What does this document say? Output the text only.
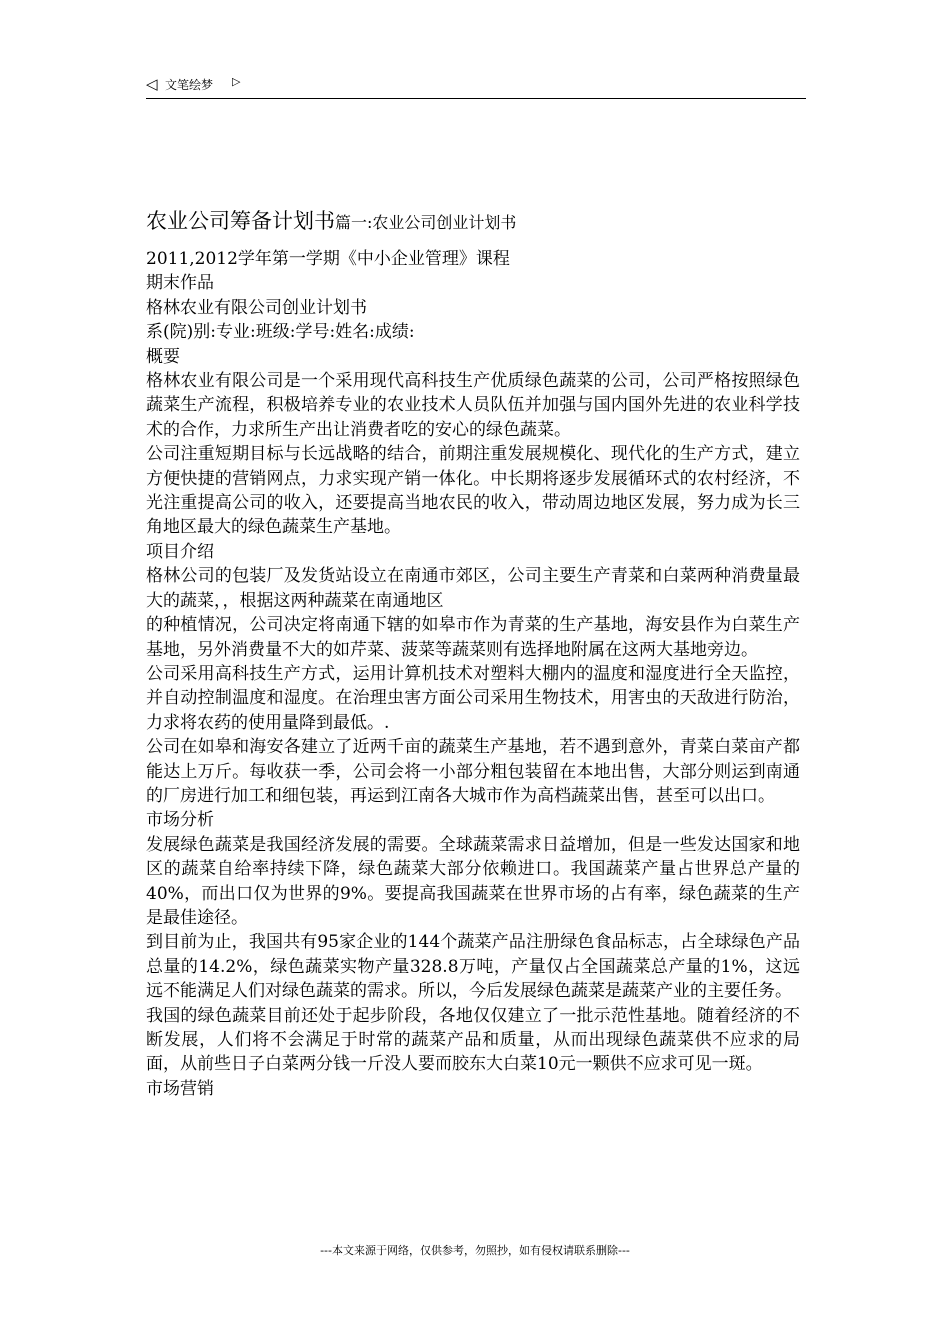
◁ 文笔绘梦 ▷
农业公司筹备计划书篇一:农业公司创业计划书

2011,2012学年第一学期《中小企业管理》课程

期末作品

格林农业有限公司创业计划书

系(院)别:专业:班级:学号:姓名:成绩:

概要

格林农业有限公司是一个采用现代高科技生产优质绿色蔬菜的公司，公司严格按照绿色蔬菜生产流程，积极培养专业的农业技术人员队伍并加强与国内国外先进的农业科学技术的合作，力求所生产出让消费者吃的安心的绿色蔬菜。

公司注重短期目标与长远战略的结合，前期注重发展规模化、现代化的生产方式，建立方便快捷的营销网点，力求实现产销一体化。中长期将逐步发展循环式的农村经济，不光注重提高公司的收入，还要提高当地农民的收入，带动周边地区发展，努力成为长三角地区最大的绿色蔬菜生产基地。

项目介绍

格林公司的包装厂及发货站设立在南通市郊区，公司主要生产青菜和白菜两种消费量最大的蔬菜，，根据这两种蔬菜在南通地区

的种植情况，公司决定将南通下辖的如皋市作为青菜的生产基地，海安县作为白菜生产基地，另外消费量不大的如芹菜、菠菜等蔬菜则有选择地附属在这两大基地旁边。

公司采用高科技生产方式，运用计算机技术对塑料大棚内的温度和湿度进行全天监控，并自动控制温度和湿度。在治理虫害方面公司采用生物技术，用害虫的天敌进行防治，力求将农药的使用量降到最低。.

公司在如皋和海安各建立了近两千亩的蔬菜生产基地，若不遇到意外，青菜白菜亩产都能达上万斤。每收获一季，公司会将一小部分粗包装留在本地出售，大部分则运到南通的厂房进行加工和细包装，再运到江南各大城市作为高档蔬菜出售，甚至可以出口。

市场分析

发展绿色蔬菜是我国经济发展的需要。全球蔬菜需求日益增加，但是一些发达国家和地区的蔬菜自给率持续下降，绿色蔬菜大部分依赖进口。我国蔬菜产量占世界总产量的40%，而出口仅为世界的9%。要提高我国蔬菜在世界市场的占有率，绿色蔬菜的生产是最佳途径。

到目前为止，我国共有95家企业的144个蔬菜产品注册绿色食品标志，占全球绿色产品总量的14.2%，绿色蔬菜实物产量328.8万吨，产量仅占全国蔬菜总产量的1%，这远远不能满足人们对绿色蔬菜的需求。所以，今后发展绿色蔬菜是蔬菜产业的主要任务。

我国的绿色蔬菜目前还处于起步阶段，各地仅仅建立了一批示范性基地。随着经济的不断发展，人们将不会满足于时常的蔬菜产品和质量，从而出现绿色蔬菜供不应求的局面，从前些日子白菜两分钱一斤没人要而胶东大白菜10元一颗供不应求可见一斑。

市场营销

---本文来源于网络，仅供参考，勿照抄，如有侵权请联系删除---
